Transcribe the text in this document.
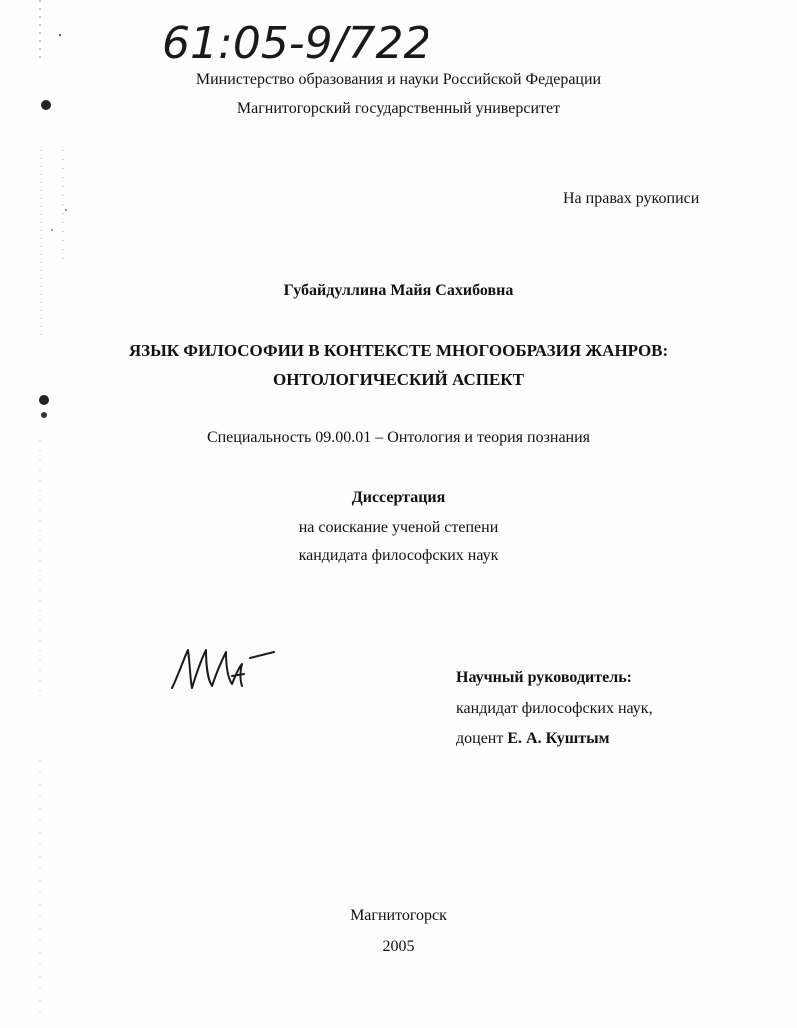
61:05-9/722
Министерство образования и науки Российской Федерации
Магнитогорский государственный университет
На правах рукописи
Губайдуллина Майя Сахибовна
ЯЗЫК ФИЛОСОФИИ В КОНТЕКСТЕ МНОГООБРАЗИЯ ЖАНРОВ:
ОНТОЛОГИЧЕСКИЙ АСПЕКТ
Специальность 09.00.01 – Онтология и теория познания
Диссертация
на соискание ученой степени
кандидата философских наук
Научный руководитель:
кандидат философских наук,
доцент Е. А. Куштым
Магнитогорск
2005
